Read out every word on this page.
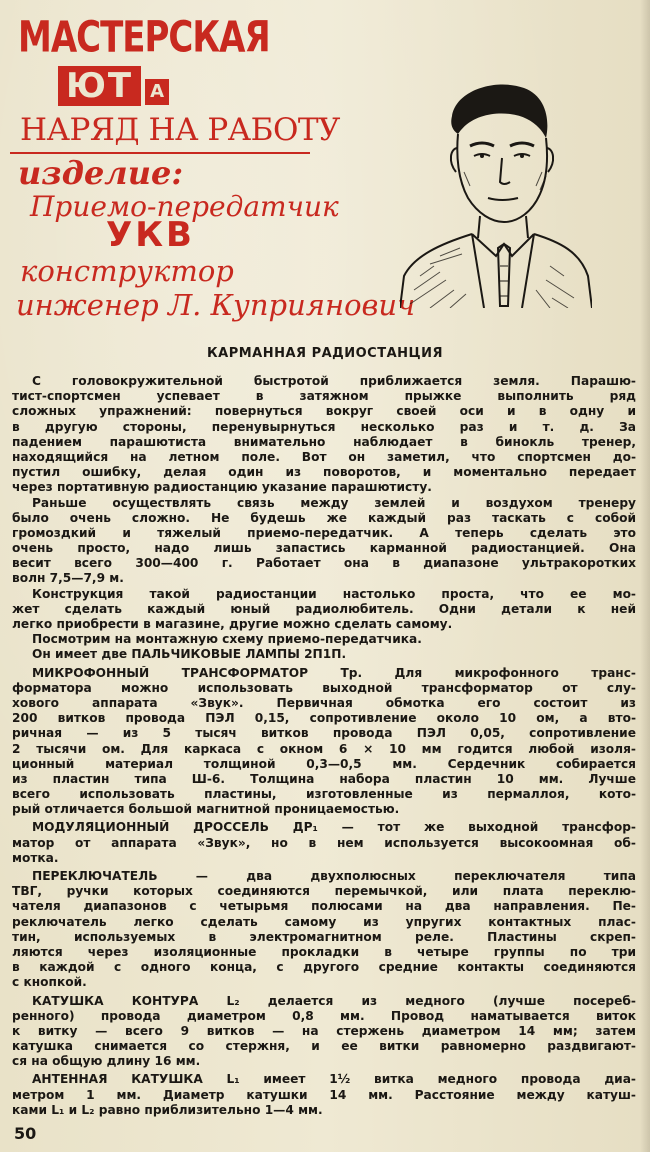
МАСТЕРСКАЯ
ЮТ А
НАРЯД НА РАБОТУ
изделие:
Приемо-передатчик
УКВ
конструктор
инженер Л. Куприянович
КАРМАННАЯ РАДИОСТАНЦИЯ
С головокружительной быстротой приближается земля. Парашю-
тист-спортсмен успевает в затяжном прыжке выполнить ряд
сложных упражнений: повернуться вокруг своей оси и в одну и
в другую стороны, перенувырнуться несколько раз и т. д. За
падением парашютиста внимательно наблюдает в бинокль тренер,
находящийся на летном поле. Вот он заметил, что спортсмен до-
пустил ошибку, делая один из поворотов, и моментально передает
через портативную радиостанцию указание парашютисту.
Раньше осуществлять связь между землей и воздухом тренеру
было очень сложно. Не будешь же каждый раз таскать с собой
громоздкий и тяжелый приемо-передатчик. А теперь сделать это
очень просто, надо лишь запастись карманной радиостанцией. Она
весит всего 300—400 г. Работает она в диапазоне ультракоротких
волн 7,5—7,9 м.
Конструкция такой радиостанции настолько проста, что ее мо-
жет сделать каждый юный радиолюбитель. Одни детали к ней
легко приобрести в магазине, другие можно сделать самому.
Посмотрим на монтажную схему приемо-передатчика.
Он имеет две ПАЛЬЧИКОВЫЕ ЛАМПЫ 2П1П.
МИКРОФОННЫЙ ТРАНСФОРМАТОР Тр. Для микрофонного транс-
форматора можно использовать выходной трансформатор от слу-
хового аппарата «Звук». Первичная обмотка его состоит из
200 витков провода ПЭЛ 0,15, сопротивление около 10 ом, а вто-
ричная — из 5 тысяч витков провода ПЭЛ 0,05, сопротивление
2 тысячи ом. Для каркаса с окном 6 × 10 мм годится любой изоля-
ционный материал толщиной 0,3—0,5 мм. Сердечник собирается
из пластин типа Ш-6. Толщина набора пластин 10 мм. Лучше
всего использовать пластины, изготовленные из пермаллоя, кото-
рый отличается большой магнитной проницаемостью.
МОДУЛЯЦИОННЫЙ ДРОССЕЛЬ ДР₁ — тот же выходной трансфор-
матор от аппарата «Звук», но в нем используется высокоомная об-
мотка.
ПЕРЕКЛЮЧАТЕЛЬ — два двухполюсных переключателя типа
ТВГ, ручки которых соединяются перемычкой, или плата переклю-
чателя диапазонов с четырьмя полюсами на два направления. Пе-
реключатель легко сделать самому из упругих контактных плас-
тин, используемых в электромагнитном реле. Пластины скреп-
ляются через изоляционные прокладки в четыре группы по три
в каждой с одного конца, с другого средние контакты соединяются
с кнопкой.
КАТУШКА КОНТУРА L₂ делается из медного (лучше посереб-
ренного) провода диаметром 0,8 мм. Провод наматывается виток
к витку — всего 9 витков — на стержень диаметром 14 мм; затем
катушка снимается со стержня, и ее витки равномерно раздвигают-
ся на общую длину 16 мм.
АНТЕННАЯ КАТУШКА L₁ имеет 1½ витка медного провода диа-
метром 1 мм. Диаметр катушки 14 мм. Расстояние между катуш-
ками L₁ и L₂ равно приблизительно 1—4 мм.
50
